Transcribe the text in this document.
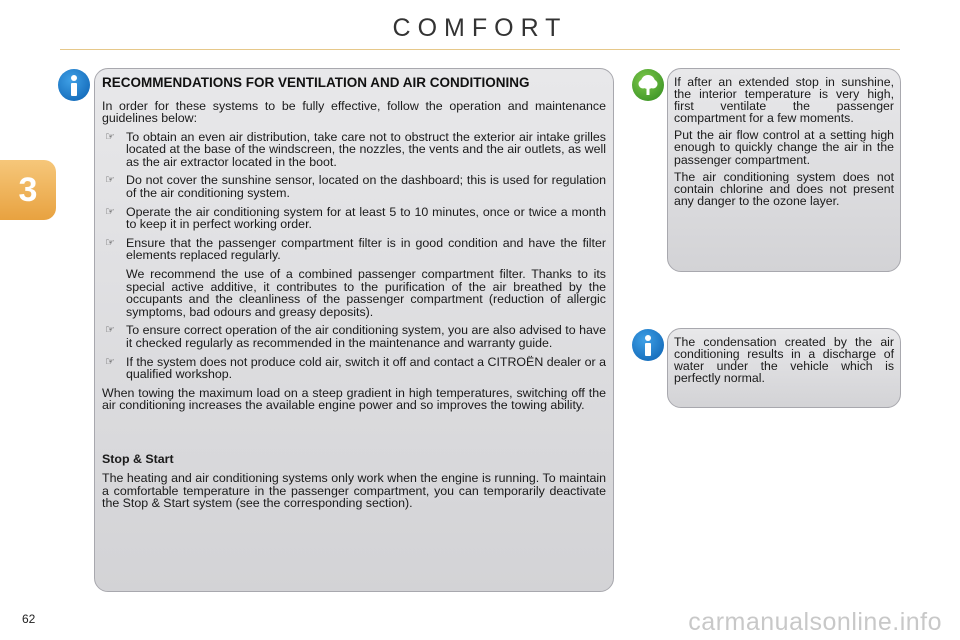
COMFORT
3
RECOMMENDATIONS FOR VENTILATION AND AIR CONDITIONING

In order for these systems to be fully effective, follow the operation and maintenance guidelines below:

☞ To obtain an even air distribution, take care not to obstruct the exterior air intake grilles located at the base of the windscreen, the nozzles, the vents and the air outlets, as well as the air extractor located in the boot.
☞ Do not cover the sunshine sensor, located on the dashboard; this is used for regulation of the air conditioning system.
☞ Operate the air conditioning system for at least 5 to 10 minutes, once or twice a month to keep it in perfect working order.
☞ Ensure that the passenger compartment filter is in good condition and have the filter elements replaced regularly.

We recommend the use of a combined passenger compartment filter. Thanks to its special active additive, it contributes to the purification of the air breathed by the occupants and the cleanliness of the passenger compartment (reduction of allergic symptoms, bad odours and greasy deposits).

☞ To ensure correct operation of the air conditioning system, you are also advised to have it checked regularly as recommended in the maintenance and warranty guide.
☞ If the system does not produce cold air, switch it off and contact a CITROËN dealer or a qualified workshop.

When towing the maximum load on a steep gradient in high temperatures, switching off the air conditioning increases the available engine power and so improves the towing ability.

Stop & Start

The heating and air conditioning systems only work when the engine is running. To maintain a comfortable temperature in the passenger compartment, you can temporarily deactivate the Stop & Start system (see the corresponding section).

If after an extended stop in sunshine, the interior temperature is very high, first ventilate the passenger compartment for a few moments.

Put the air flow control at a setting high enough to quickly change the air in the passenger compartment.

The air conditioning system does not contain chlorine and does not present any danger to the ozone layer.

The condensation created by the air conditioning results in a discharge of water under the vehicle which is perfectly normal.

62	carmanualsonline.info
